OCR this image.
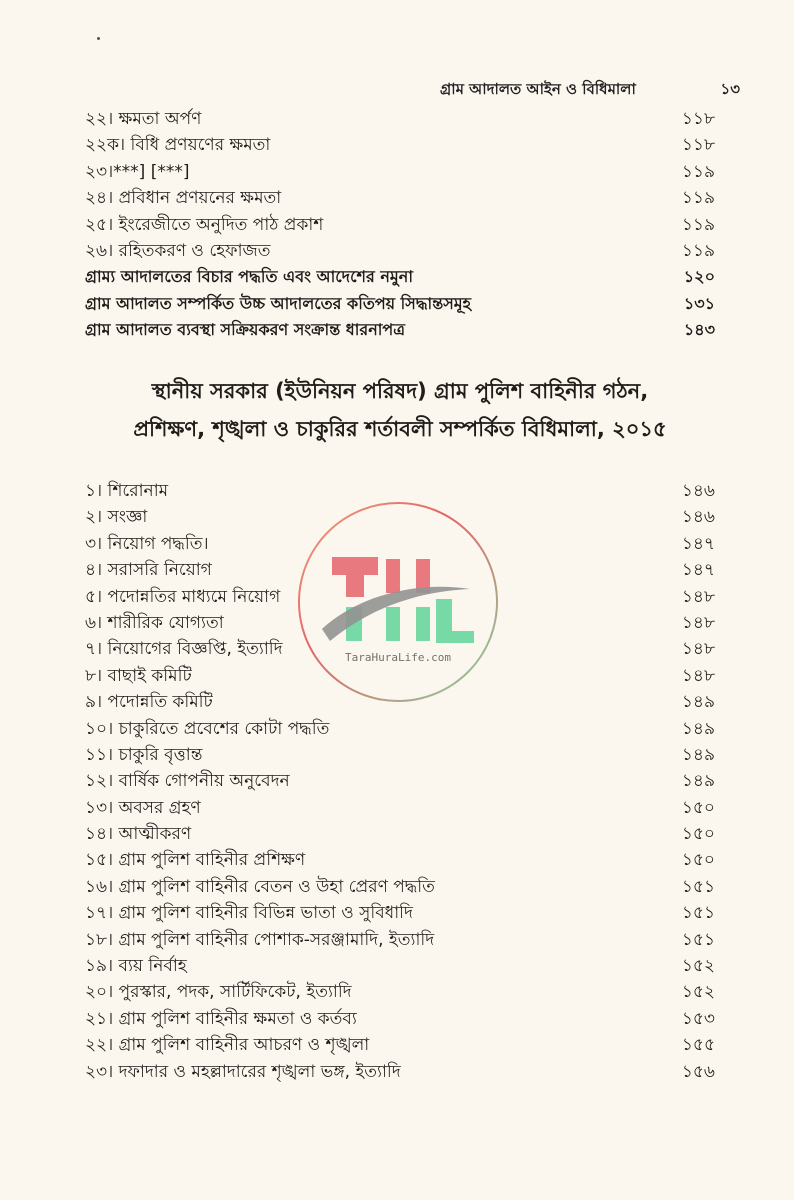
গ্রাম আদালত আইন ও বিধিমালা	১৩
২২। ক্ষমতা অর্পণ	১১৮
২২ক। বিধি প্রণয়ণের ক্ষমতা	১১৮
২৩।***] [***]	১১৯
২৪। প্রবিধান প্রণয়নের ক্ষমতা	১১৯
২৫। ইংরেজীতে অনুদিত পাঠ প্রকাশ	১১৯
২৬। রহিতকরণ ও হেফাজত	১১৯
গ্রাম্য আদালতের বিচার পদ্ধতি এবং আদেশের নমুনা	১২০
গ্রাম আদালত সম্পর্কিত উচ্চ আদালতের কতিপয় সিদ্ধান্তসমূহ	১৩১
গ্রাম আদালত ব্যবস্থা সক্রিয়করণ সংক্রান্ত ধারনাপত্র	১৪৩
স্থানীয় সরকার (ইউনিয়ন পরিষদ) গ্রাম পুলিশ বাহিনীর গঠন,
প্রশিক্ষণ, শৃঙ্খলা ও চাকুরির শর্তাবলী সম্পর্কিত বিধিমালা, ২০১৫
১। শিরোনাম	১৪৬
২। সংজ্ঞা	১৪৬
৩। নিয়োগ পদ্ধতি।	১৪৭
৪। সরাসরি নিয়োগ	১৪৭
৫। পদোন্নতির মাধ্যমে নিয়োগ	১৪৮
৬। শারীরিক যোগ্যতা	১৪৮
৭। নিয়োগের বিজ্ঞপ্তি, ইত্যাদি	১৪৮
৮। বাছাই কমিটি	১৪৮
৯। পদোন্নতি কমিটি	১৪৯
১০। চাকুরিতে প্রবেশের কোটা পদ্ধতি	১৪৯
১১। চাকুরি বৃত্তান্ত	১৪৯
১২। বার্ষিক গোপনীয় অনুবেদন	১৪৯
১৩। অবসর গ্রহণ	১৫০
১৪। আত্মীকরণ	১৫০
১৫। গ্রাম পুলিশ বাহিনীর প্রশিক্ষণ	১৫০
১৬। গ্রাম পুলিশ বাহিনীর বেতন ও উহা প্রেরণ পদ্ধতি	১৫১
১৭। গ্রাম পুলিশ বাহিনীর বিভিন্ন ভাতা ও সুবিধাদি	১৫১
১৮। গ্রাম পুলিশ বাহিনীর পোশাক-সরঞ্জামাদি, ইত্যাদি	১৫১
১৯। ব্যয় নির্বাহ	১৫২
২০। পুরস্কার, পদক, সার্টিফিকেট, ইত্যাদি	১৫২
২১। গ্রাম পুলিশ বাহিনীর ক্ষমতা ও কর্তব্য	১৫৩
২২। গ্রাম পুলিশ বাহিনীর আচরণ ও শৃঙ্খলা	১৫৫
২৩। দফাদার ও মহল্লাদারের শৃঙ্খলা ভঙ্গ, ইত্যাদি	১৫৬
TaraHuraLife.com
